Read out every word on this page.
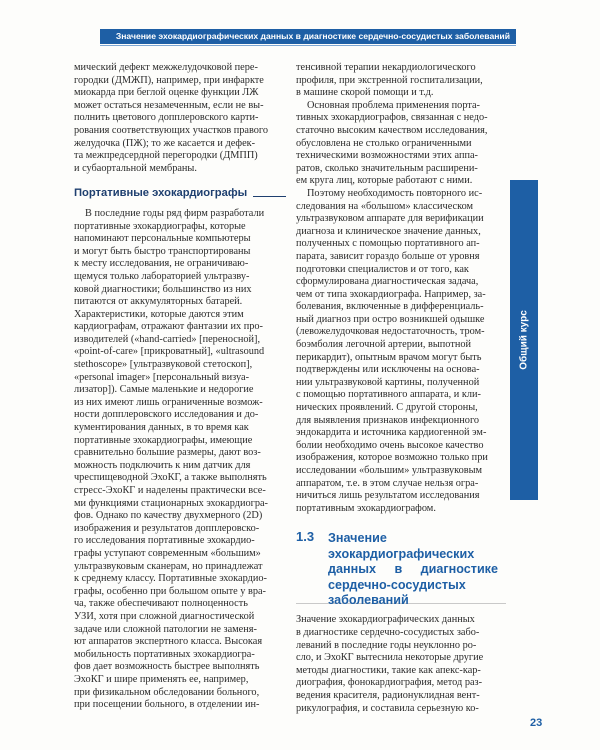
Значение эхокардиографических данных в диагностике сердечно-сосудистых заболеваний
Общий курс
мический дефект межжелудочковой пере-
городки (ДМЖП), например, при инфаркте
миокарда при беглой оценке функции ЛЖ
может остаться незамеченным, если не вы-
полнить цветового допплеровского карти-
рования соответствующих участков правого
желудочка (ПЖ); то же касается и дефек-
та межпредсердной перегородки (ДМПП)
и субаортальной мембраны.
Портативные эхокардиографы
В последние годы ряд фирм разработали
портативные эхокардиографы, которые
напоминают персональные компьютеры
и могут быть быстро транспортированы
к месту исследования, не ограничиваю-
щемуся только лабораторией ультразву-
ковой диагностики; большинство из них
питаются от аккумуляторных батарей.
Характеристики, которые даются этим
кардиографам, отражают фантазии их про-
изводителей («hand-carried» [переносной],
«point-of-care» [прикроватный], «ultrasound
stethoscope» [ультразвуковой стетоскоп],
«personal imager» [персональный визуа-
лизатор]). Самые маленькие и недорогие
из них имеют лишь ограниченные возмож-
ности допплеровского исследования и до-
кументирования данных, в то время как
портативные эхокардиографы, имеющие
сравнительно большие размеры, дают воз-
можность подключить к ним датчик для
чреспищеводной ЭхоКГ, а также выполнять
стресс-ЭхоКГ и наделены практически все-
ми функциями стационарных эхокардиогра-
фов. Однако по качеству двухмерного (2D)
изображения и результатов допплеровско-
го исследования портативные эхокардио-
графы уступают современным «большим»
ультразвуковым сканерам, но принадлежат
к среднему классу. Портативные эхокардио-
графы, особенно при большом опыте у вра-
ча, также обеспечивают полноценность
УЗИ, хотя при сложной диагностической
задаче или сложной патологии не заменя-
ют аппаратов экспертного класса. Высокая
мобильность портативных эхокардиогра-
фов дает возможность быстрее выполнять
ЭхоКГ и шире применять ее, например,
при физикальном обследовании больного,
при посещении больного, в отделении ин-
тенсивной терапии некардиологического
профиля, при экстренной госпитализации,
в машине скорой помощи и т.д.
Основная проблема применения порта-
тивных эхокардиографов, связанная с недо-
статочно высоким качеством исследования,
обусловлена не столько ограниченными
техническими возможностями этих аппа-
ратов, сколько значительным расширени-
ем круга лиц, которые работают с ними.
Поэтому необходимость повторного ис-
следования на «большом» классическом
ультразвуковом аппарате для верификации
диагноза и клиническое значение данных,
полученных с помощью портативного ап-
парата, зависит гораздо больше от уровня
подготовки специалистов и от того, как
сформулирована диагностическая задача,
чем от типа эхокардиографа. Например, за-
болевания, включенные в дифференциаль-
ный диагноз при остро возникшей одышке
(левожелудочковая недостаточность, тром-
боэмболия легочной артерии, выпотной
перикардит), опытным врачом могут быть
подтверждены или исключены на основа-
нии ультразвуковой картины, полученной
с помощью портативного аппарата, и кли-
нических проявлений. С другой стороны,
для выявления признаков инфекционного
эндокардита и источника кардиогенной эм-
болии необходимо очень высокое качество
изображения, которое возможно только при
исследовании «большим» ультразвуковым
аппаратом, т.е. в этом случае нельзя огра-
ничиться лишь результатом исследования
портативным эхокардиографом.
1.3 Значение эхокардиографических данных в диагностике сердечно-сосудистых заболеваний
Значение эхокардиографических данных
в диагностике сердечно-сосудистых забо-
леваний в последние годы неуклонно ро-
сло, и ЭхоКГ вытеснила некоторые другие
методы диагностики, такие как апекс-кар-
диография, фонокардиография, метод раз-
ведения красителя, радионуклидная вент-
рикулография, и составила серьезную ко-
23
